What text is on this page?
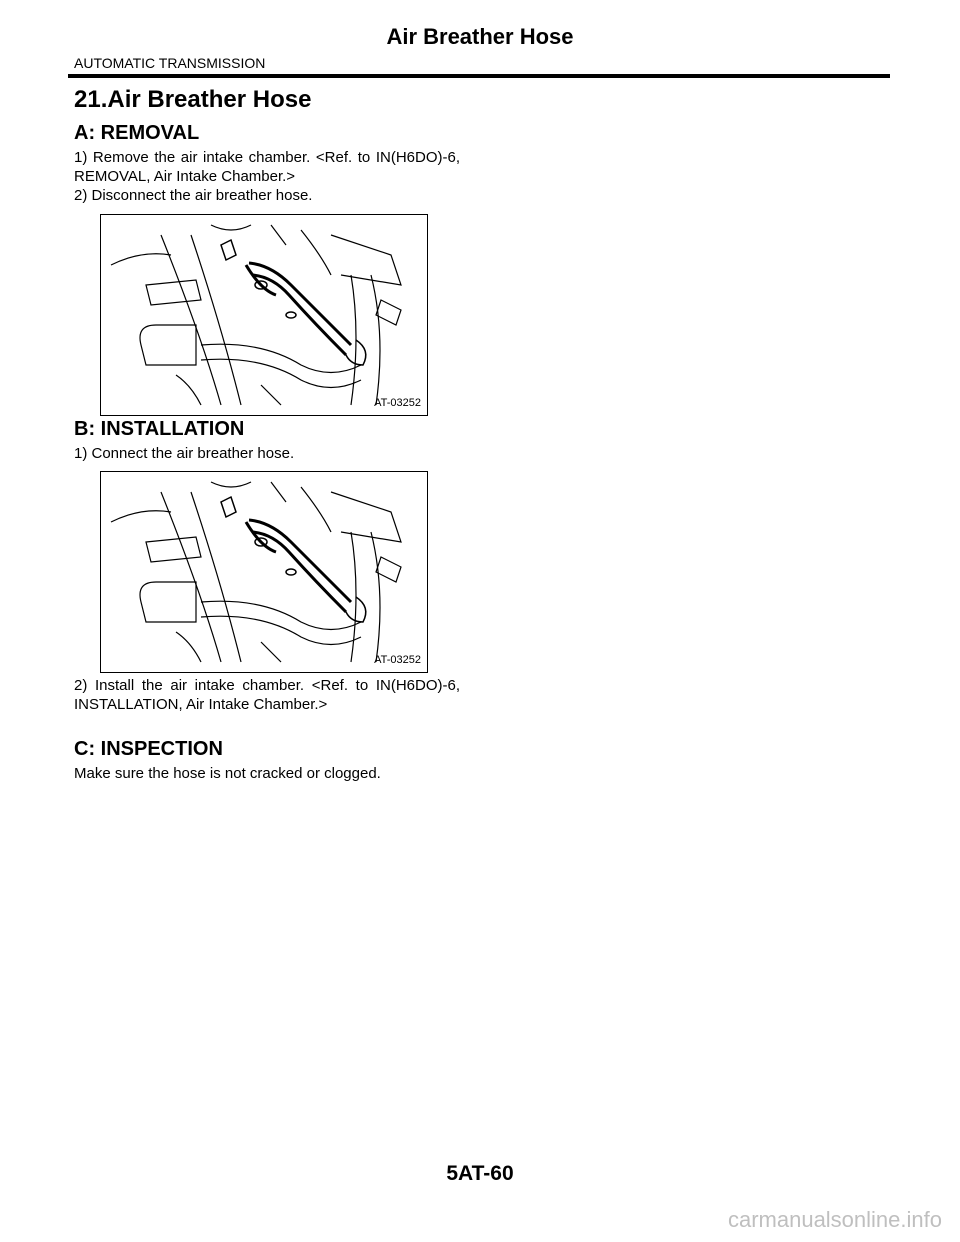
Air Breather Hose
AUTOMATIC TRANSMISSION
21.Air Breather Hose
A: REMOVAL
1) Remove the air intake chamber. <Ref. to IN(H6DO)-6, REMOVAL, Air Intake Chamber.>
2) Disconnect the air breather hose.
AT-03252
B: INSTALLATION
1) Connect the air breather hose.
AT-03252
2) Install the air intake chamber. <Ref. to IN(H6DO)-6, INSTALLATION, Air Intake Chamber.>
C: INSPECTION
Make sure the hose is not cracked or clogged.
5AT-60
carmanualsonline.info
